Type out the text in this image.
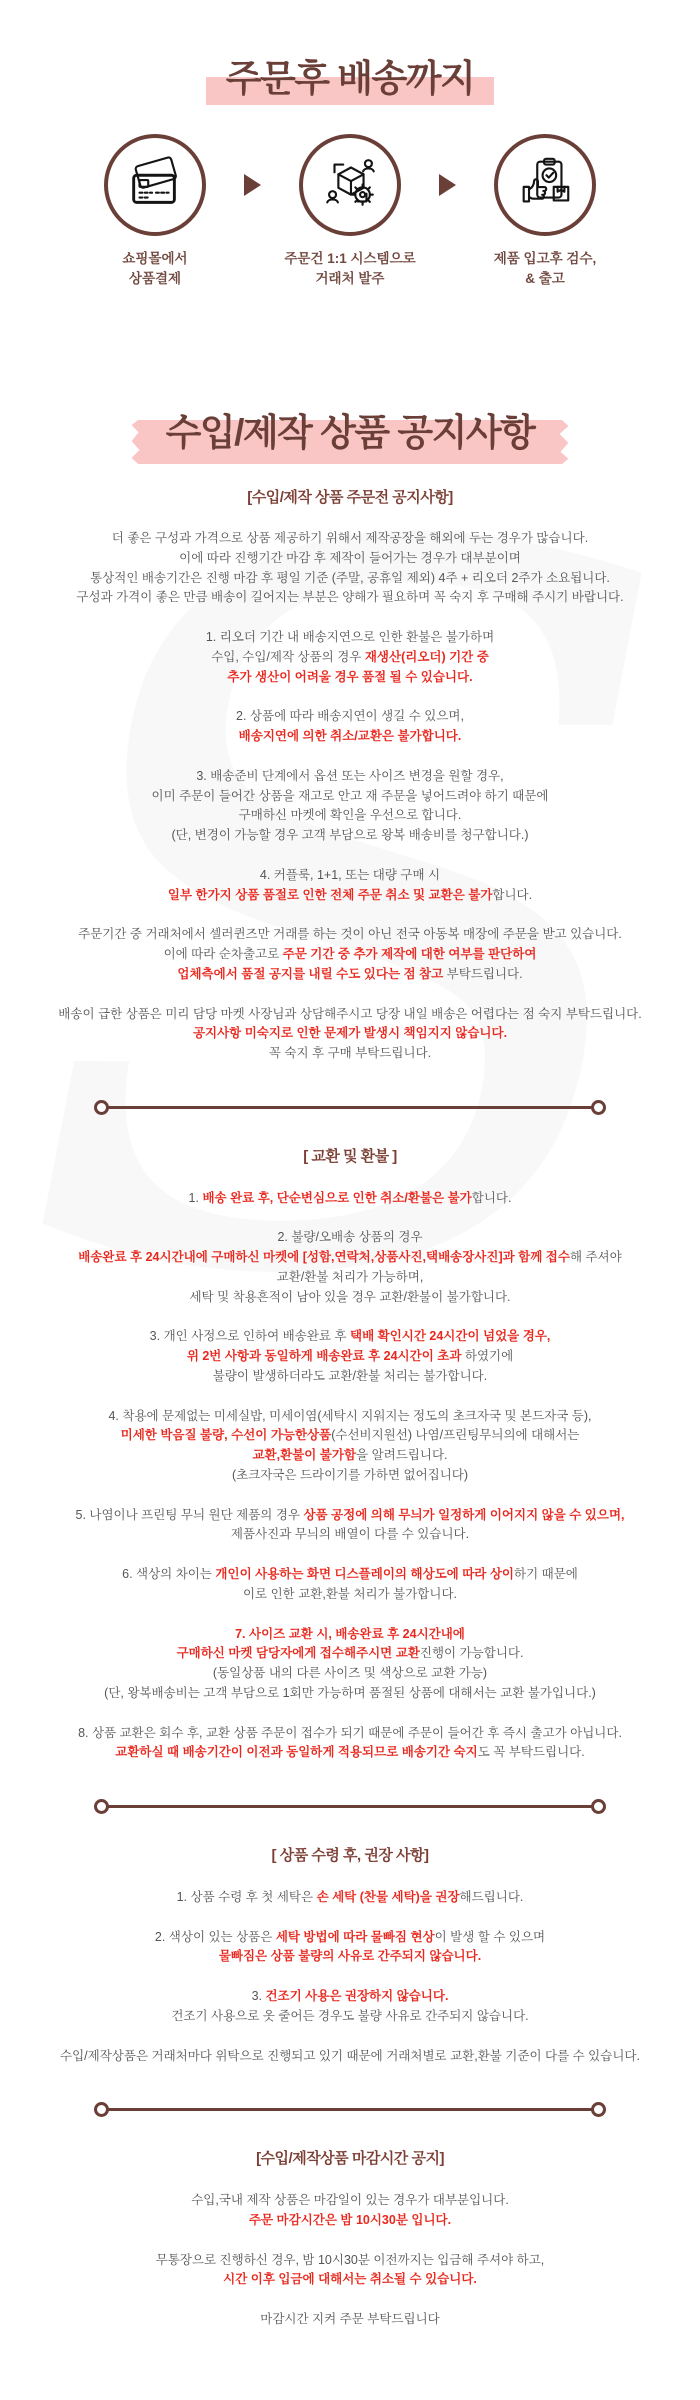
주문후 배송까지
쇼핑몰에서
상품결제
주문건 1:1 시스템으로
거래처 발주
제품 입고후 검수,
& 출고
수입/제작 상품 공지사항
[수입/제작 상품 주문전 공지사항]

더 좋은 구성과 가격으로 상품 제공하기 위해서 제작공장을 해외에 두는 경우가 많습니다.
이에 따라 진행기간 마감 후 제작이 들어가는 경우가 대부분이며
통상적인 배송기간은 진행 마감 후 평일 기준 (주말, 공휴일 제외) 4주 + 리오더 2주가 소요됩니다.
구성과 가격이 좋은 만큼 배송이 길어지는 부분은 양해가 필요하며 꼭 숙지 후 구매해 주시기 바랍니다.

1. 리오더 기간 내 배송지연으로 인한 환불은 불가하며
수입, 수입/제작 상품의 경우 재생산(리오더) 기간 중
추가 생산이 어려울 경우 품절 될 수 있습니다.

2. 상품에 따라 배송지연이 생길 수 있으며,
배송지연에 의한 취소/교환은 불가합니다.

3. 배송준비 단계에서 옵션 또는 사이즈 변경을 원할 경우,
이미 주문이 들어간 상품을 재고로 안고 재 주문을 넣어드려야 하기 때문에
구매하신 마켓에 확인을 우선으로 합니다.
(단, 변경이 가능할 경우 고객 부담으로 왕복 배송비를 청구합니다.)

4. 커플룩, 1+1, 또는 대량 구매 시
일부 한가지 상품 품절로 인한 전체 주문 취소 및 교환은 불가합니다.

주문기간 중 거래처에서 셀러퀸즈만 거래를 하는 것이 아닌 전국 아동복 매장에 주문을 받고 있습니다.
이에 따라 순차출고로 주문 기간 중 추가 제작에 대한 여부를 판단하여
업체측에서 품절 공지를 내릴 수도 있다는 점 참고 부탁드립니다.

배송이 급한 상품은 미리 담당 마켓 사장님과 상담해주시고 당장 내일 배송은 어렵다는 점 숙지 부탁드립니다.
공지사항 미숙지로 인한 문제가 발생시 책임지지 않습니다.
꼭 숙지 후 구매 부탁드립니다.

[ 교환 및 환불 ]

1. 배송 완료 후, 단순변심으로 인한 취소/환불은 불가합니다.

2. 불량/오배송 상품의 경우
배송완료 후 24시간내에 구매하신 마켓에 [성함,연락처,상품사진,택배송장사진]과 함께 접수해 주셔야
교환/환불 처리가 가능하며,
세탁 및 착용흔적이 남아 있을 경우 교환/환불이 불가합니다.

3. 개인 사정으로 인하여 배송완료 후 택배 확인시간 24시간이 넘었을 경우,
위 2번 사항과 동일하게 배송완료 후 24시간이 초과 하였기에
불량이 발생하더라도 교환/환불 처리는 불가합니다.

4. 착용에 문제없는 미세실밥, 미세이염(세탁시 지워지는 정도의 초크자국 및 본드자국 등),
미세한 박음질 불량, 수선이 가능한상품(수선비지원선) 나염/프린팅무늬의에 대해서는
교환,환불이 불가함을 알려드립니다.
(초크자국은 드라이기를 가하면 없어집니다)

5. 나염이나 프린팅 무늬 원단 제품의 경우 상품 공정에 의해 무늬가 일정하게 이어지지 않을 수 있으며,
제품사진과 무늬의 배열이 다를 수 있습니다.

6. 색상의 차이는 개인이 사용하는 화면 디스플레이의 해상도에 따라 상이하기 때문에
이로 인한 교환,환불 처리가 불가합니다.

7. 사이즈 교환 시, 배송완료 후 24시간내에
구매하신 마켓 담당자에게 접수해주시면 교환진행이 가능합니다.
(동일상품 내의 다른 사이즈 및 색상으로 교환 가능)
(단, 왕복배송비는 고객 부담으로 1회만 가능하며 품절된 상품에 대해서는 교환 불가입니다.)

8. 상품 교환은 회수 후, 교환 상품 주문이 접수가 되기 때문에 주문이 들어간 후 즉시 출고가 아닙니다.
교환하실 때 배송기간이 이전과 동일하게 적용되므로 배송기간 숙지도 꼭 부탁드립니다.

[ 상품 수령 후, 권장 사항]

1. 상품 수령 후 첫 세탁은 손 세탁 (찬물 세탁)을 권장해드립니다.

2. 색상이 있는 상품은 세탁 방법에 따라 물빠짐 현상이 발생 할 수 있으며
물빠짐은 상품 불량의 사유로 간주되지 않습니다.

3. 건조기 사용은 권장하지 않습니다.
건조기 사용으로 옷 줄어든 경우도 불량 사유로 간주되지 않습니다.

수입/제작상품은 거래처마다 위탁으로 진행되고 있기 때문에 거래처별로 교환,환불 기준이 다를 수 있습니다.

[수입/제작상품 마감시간 공지]

수입,국내 제작 상품은 마감일이 있는 경우가 대부분입니다.
주문 마감시간은 밤 10시30분 입니다.

무통장으로 진행하신 경우, 밤 10시30분 이전까지는 입금해 주셔야 하고,
시간 이후 입금에 대해서는 취소될 수 있습니다.

마감시간 지켜 주문 부탁드립니다
